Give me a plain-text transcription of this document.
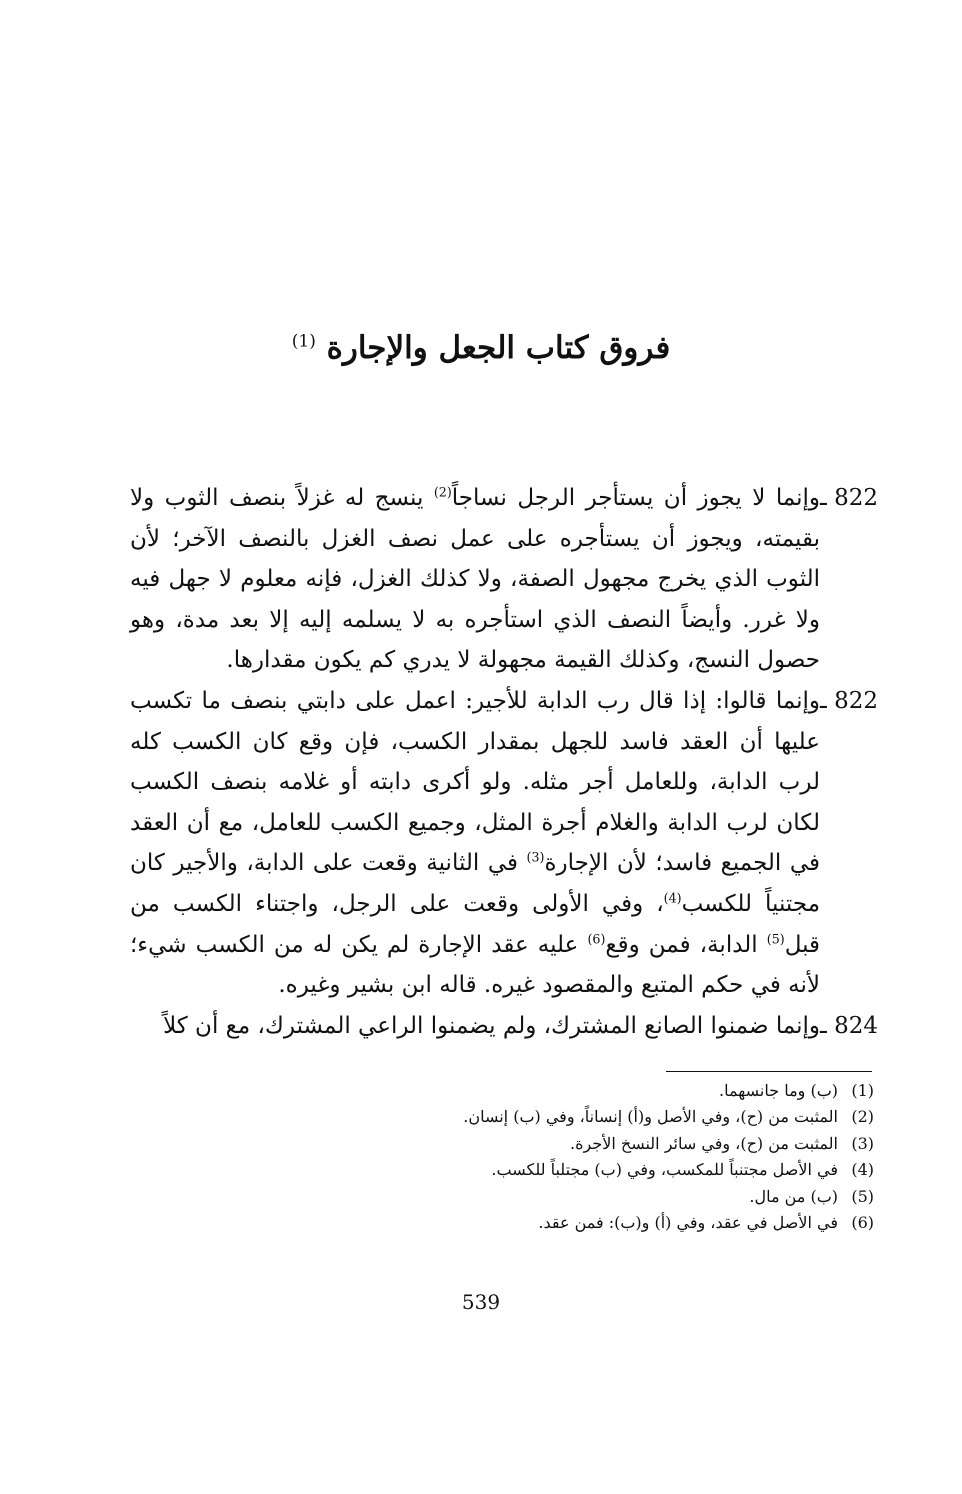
فروق كتاب الجعل والإجارة $^{(1)}$
822 ـ
وإنما لا يجوز أن يستأجر الرجل نساجاً$^{(2)}$ ينسج له غزلاً بنصف الثوب ولا بقيمته، ويجوز أن يستأجره على عمل نصف الغزل بالنصف الآخر؛ لأن الثوب الذي يخرج مجهول الصفة، ولا كذلك الغزل، فإنه معلوم لا جهل فيه ولا غرر. وأيضاً النصف الذي استأجره به لا يسلمه إليه إلا بعد مدة، وهو حصول النسج، وكذلك القيمة مجهولة لا يدري كم يكون مقدارها.
822 ـ
وإنما قالوا: إذا قال رب الدابة للأجير: اعمل على دابتي بنصف ما تكسب عليها أن العقد فاسد للجهل بمقدار الكسب، فإن وقع كان الكسب كله لرب الدابة، وللعامل أجر مثله. ولو أكرى دابته أو غلامه بنصف الكسب لكان لرب الدابة والغلام أجرة المثل، وجميع الكسب للعامل، مع أن العقد في الجميع فاسد؛ لأن الإجارة$^{(3)}$ في الثانية وقعت على الدابة، والأجير كان مجتنياً للكسب$^{(4)}$، وفي الأولى وقعت على الرجل، واجتناء الكسب من قبل$^{(5)}$ الدابة، فمن وقع$^{(6)}$ عليه عقد الإجارة لم يكن له من الكسب شيء؛ لأنه في حكم المتبع والمقصود غيره. قاله ابن بشير وغيره.
824 ـ
وإنما ضمنوا الصانع المشترك، ولم يضمنوا الراعي المشترك، مع أن كلاً
(1)
(ب) وما جانسهما.
(2)
المثبت من (ح)، وفي الأصل و(أ) إنساناً، وفي (ب) إنسان.
(3)
المثبت من (ح)، وفي سائر النسخ الأجرة.
(4)
في الأصل مجتنباً للمكسب، وفي (ب) مجتلباً للكسب.
(5)
(ب) من مال.
(6)
في الأصل في عقد، وفي (أ) و(ب): فمن عقد.
539
